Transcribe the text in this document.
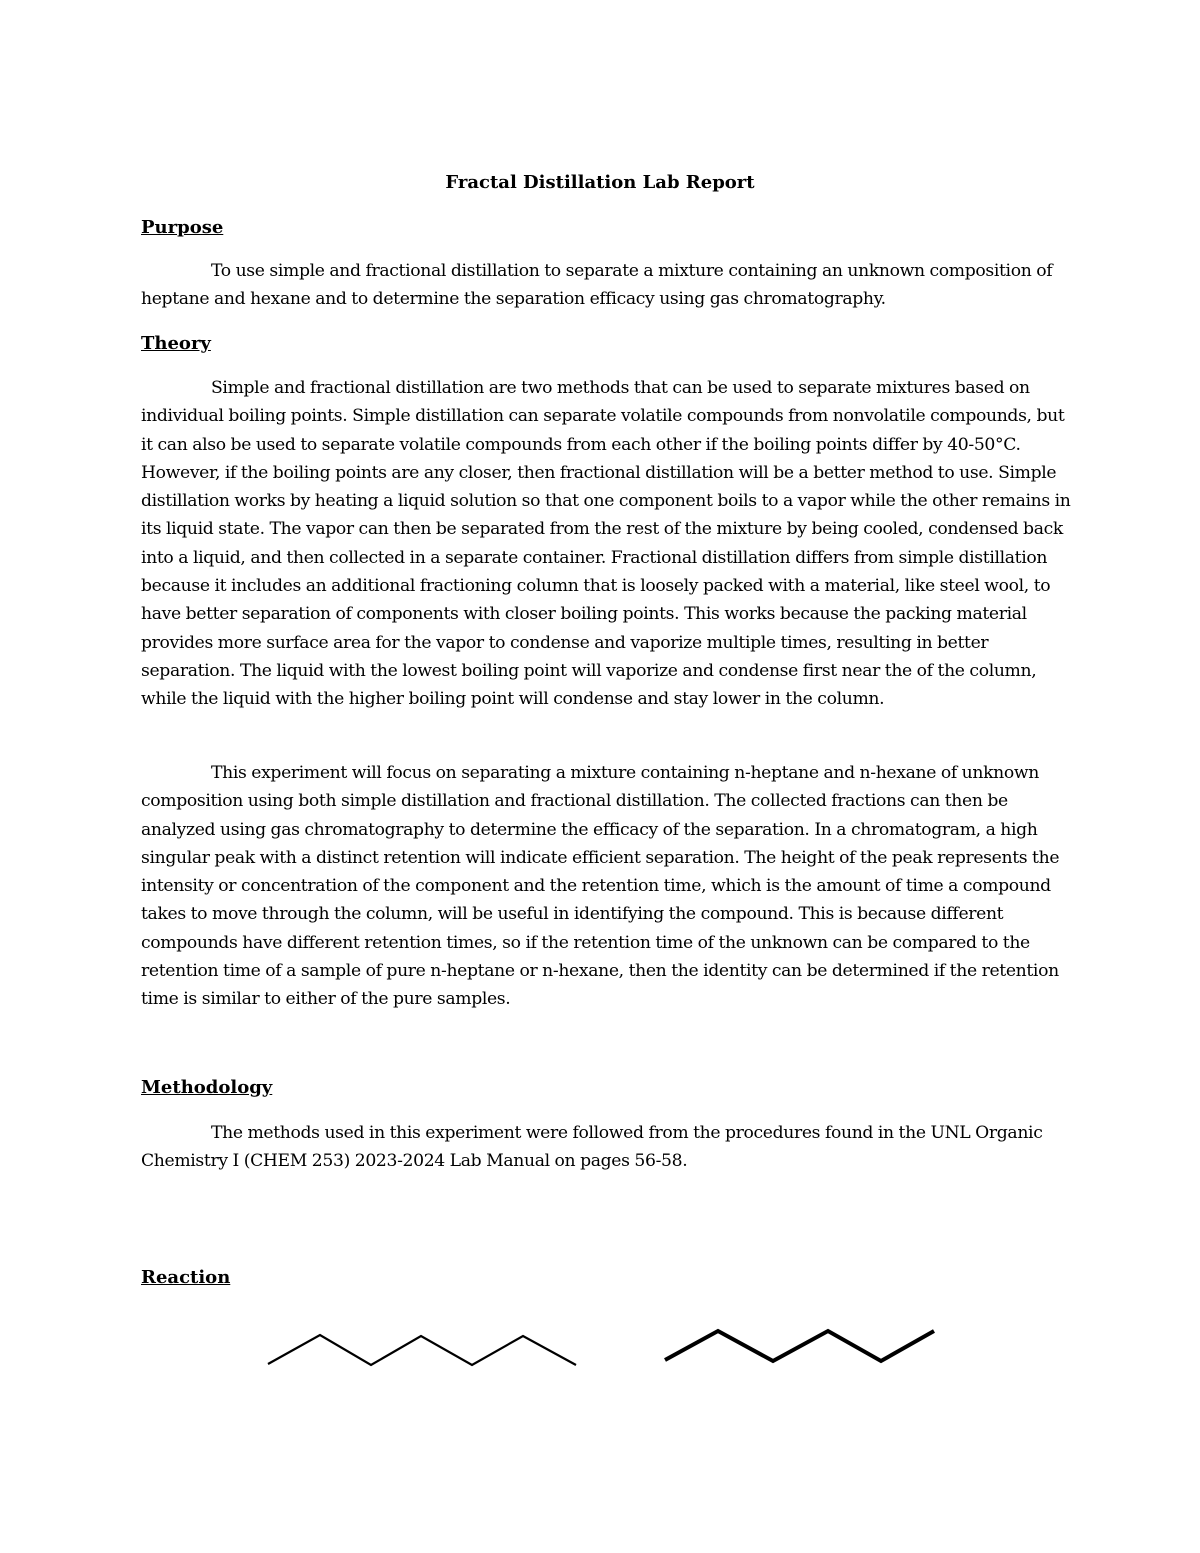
Fractal Distillation Lab Report
Purpose

To use simple and fractional distillation to separate a mixture containing an unknown composition of heptane and hexane and to determine the separation efficacy using gas chromatography.

Theory

Simple and fractional distillation are two methods that can be used to separate mixtures based on individual boiling points. Simple distillation can separate volatile compounds from nonvolatile compounds, but it can also be used to separate volatile compounds from each other if the boiling points differ by 40-50°C. However, if the boiling points are any closer, then fractional distillation will be a better method to use. Simple distillation works by heating a liquid solution so that one component boils to a vapor while the other remains in its liquid state. The vapor can then be separated from the rest of the mixture by being cooled, condensed back into a liquid, and then collected in a separate container. Fractional distillation differs from simple distillation because it includes an additional fractioning column that is loosely packed with a material, like steel wool, to have better separation of components with closer boiling points. This works because the packing material provides more surface area for the vapor to condense and vaporize multiple times, resulting in better separation. The liquid with the lowest boiling point will vaporize and condense first near the of the column, while the liquid with the higher boiling point will condense and stay lower in the column.

This experiment will focus on separating a mixture containing n-heptane and n-hexane of unknown composition using both simple distillation and fractional distillation. The collected fractions can then be analyzed using gas chromatography to determine the efficacy of the separation. In a chromatogram, a high singular peak with a distinct retention will indicate efficient separation. The height of the peak represents the intensity or concentration of the component and the retention time, which is the amount of time a compound takes to move through the column, will be useful in identifying the compound. This is because different compounds have different retention times, so if the retention time of the unknown can be compared to the retention time of a sample of pure n-heptane or n-hexane, then the identity can be determined if the retention time is similar to either of the pure samples.

Methodology

The methods used in this experiment were followed from the procedures found in the UNL Organic Chemistry I (CHEM 253) 2023-2024 Lab Manual on pages 56-58.

Reaction
